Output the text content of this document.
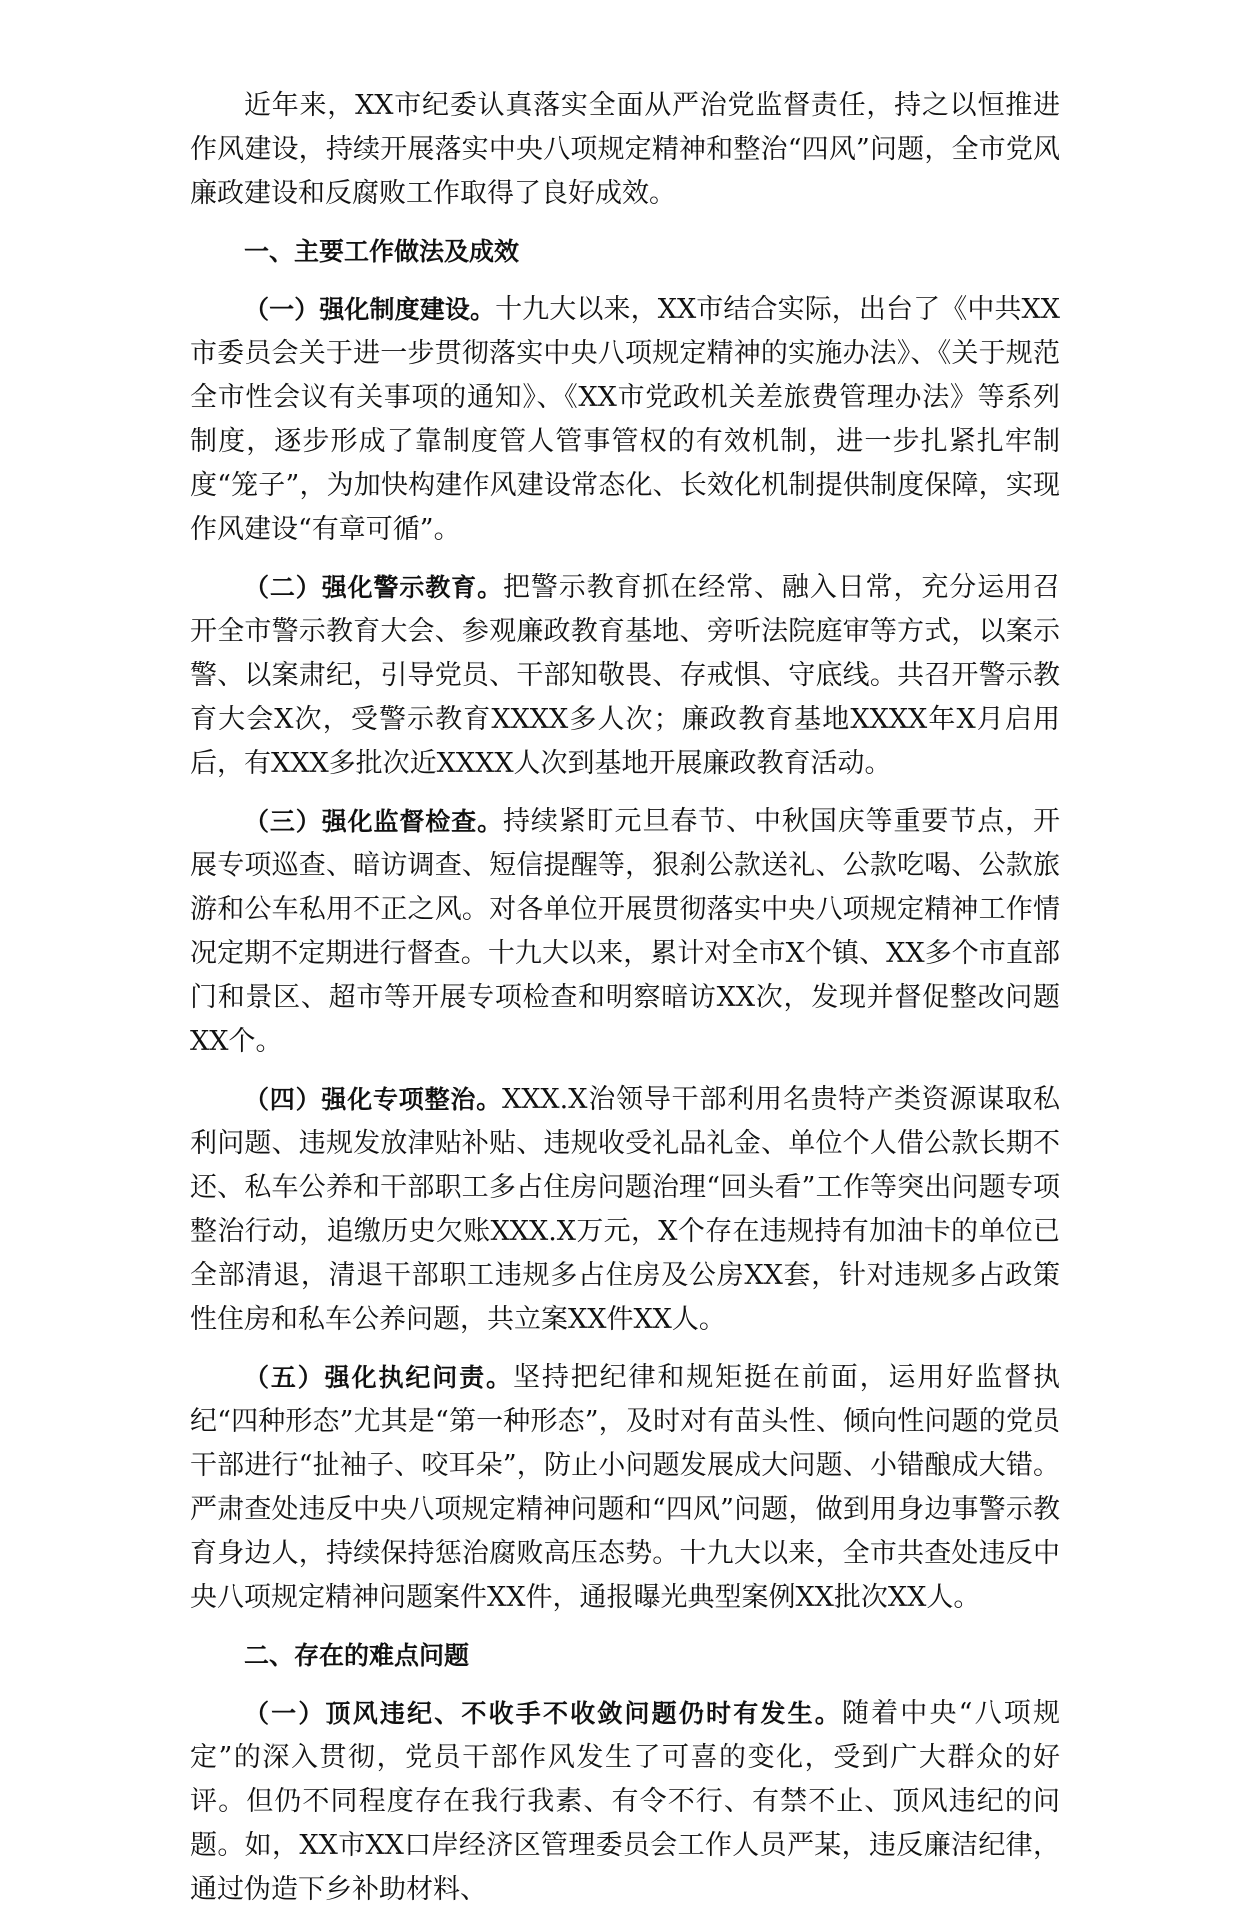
近年来，XX市纪委认真落实全面从严治党监督责任，持之以恒推进作风建设，持续开展落实中央八项规定精神和整治“四风”问题，全市党风廉政建设和反腐败工作取得了良好成效。

一、主要工作做法及成效

（一）强化制度建设。十九大以来，XX市结合实际，出台了《中共XX市委员会关于进一步贯彻落实中央八项规定精神的实施办法》、《关于规范全市性会议有关事项的通知》、《XX市党政机关差旅费管理办法》等系列制度，逐步形成了靠制度管人管事管权的有效机制，进一步扎紧扎牢制度“笼子”，为加快构建作风建设常态化、长效化机制提供制度保障，实现作风建设“有章可循”。

（二）强化警示教育。把警示教育抓在经常、融入日常，充分运用召开全市警示教育大会、参观廉政教育基地、旁听法院庭审等方式，以案示警、以案肃纪，引导党员、干部知敬畏、存戒惧、守底线。共召开警示教育大会X次，受警示教育XXXX多人次；廉政教育基地XXXX年X月启用后，有XXX多批次近XXXX人次到基地开展廉政教育活动。

（三）强化监督检查。持续紧盯元旦春节、中秋国庆等重要节点，开展专项巡查、暗访调查、短信提醒等，狠刹公款送礼、公款吃喝、公款旅游和公车私用不正之风。对各单位开展贯彻落实中央八项规定精神工作情况定期不定期进行督查。十九大以来，累计对全市X个镇、XX多个市直部门和景区、超市等开展专项检查和明察暗访XX次，发现并督促整改问题XX个。

（四）强化专项整治。XXX.X治领导干部利用名贵特产类资源谋取私利问题、违规发放津贴补贴、违规收受礼品礼金、单位个人借公款长期不还、私车公养和干部职工多占住房问题治理“回头看”工作等突出问题专项整治行动，追缴历史欠账XXX.X万元，X个存在违规持有加油卡的单位已全部清退，清退干部职工违规多占住房及公房XX套，针对违规多占政策性住房和私车公养问题，共立案XX件XX人。

（五）强化执纪问责。坚持把纪律和规矩挺在前面，运用好监督执纪“四种形态”尤其是“第一种形态”，及时对有苗头性、倾向性问题的党员干部进行“扯袖子、咬耳朵”，防止小问题发展成大问题、小错酿成大错。严肃查处违反中央八项规定精神问题和“四风”问题，做到用身边事警示教育身边人，持续保持惩治腐败高压态势。十九大以来，全市共查处违反中央八项规定精神问题案件XX件，通报曝光典型案例XX批次XX人。

二、存在的难点问题

（一）顶风违纪、不收手不收敛问题仍时有发生。随着中央“八项规定”的深入贯彻，党员干部作风发生了可喜的变化，受到广大群众的好评。但仍不同程度存在我行我素、有令不行、有禁不止、顶风违纪的问题。如，XX市XX口岸经济区管理委员会工作人员严某，违反廉洁纪律，通过伪造下乡补助材料、
